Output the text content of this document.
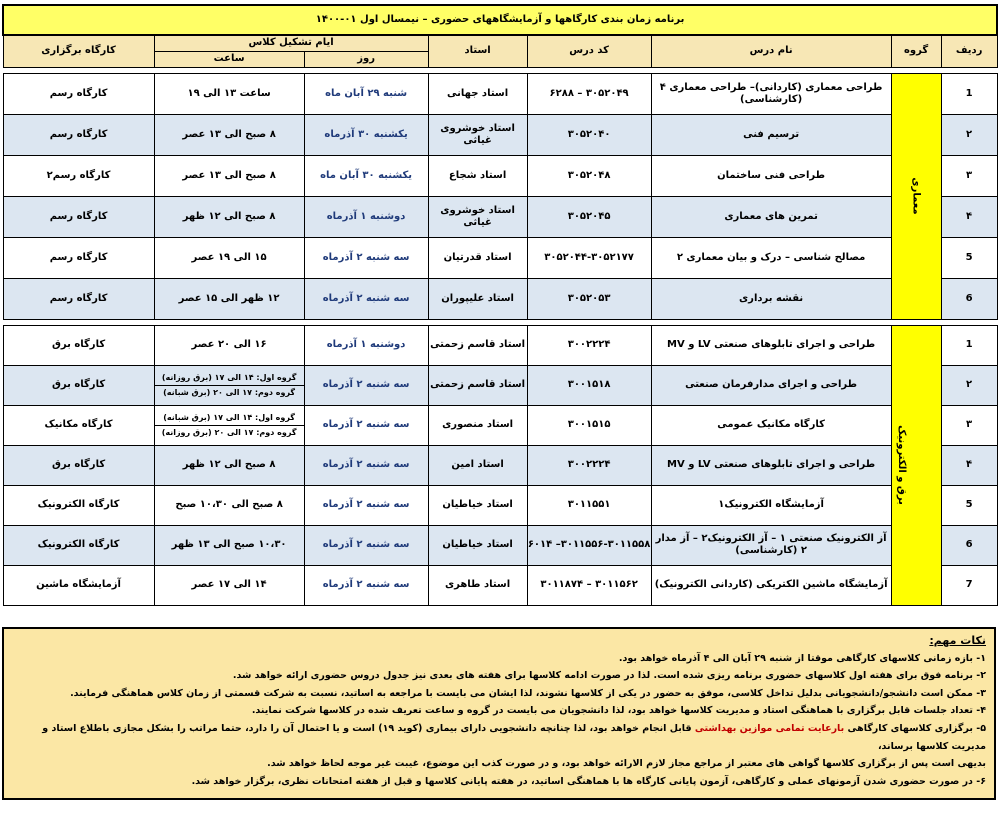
برنامه زمان بندی کارگاهها و آزمایشگاههای حضوری – نیمسال اول ۰۱-۱۴۰۰							
ردیف	گروه	نام درس	کد درس	استاد	ایام تشکیل کلاس		کارگاه برگزاری
					روز	ساعت	

1	معماری	طراحی معماری (کاردانی)– طراحی معماری ۴ (کارشناسی)	۳۰۵۲۰۴۹ – ۶۲۸۸	استاد جهانی	شنبه ۲۹ آبان ماه	ساعت ۱۳ الی ۱۹	کارگاه رسم
۲		ترسیم فنی	۳۰۵۲۰۴۰	استاد خوشروی غیاثی	یکشنبه ۳۰ آذرماه	۸ صبح الی ۱۳ عصر	کارگاه رسم
۳		طراحی فنی ساختمان	۳۰۵۲۰۴۸	استاد شجاع	یکشنبه ۳۰ آبان ماه	۸ صبح الی ۱۳ عصر	کارگاه رسم۲
۴		تمرین های معماری	۳۰۵۲۰۴۵	استاد خوشروی غیاثی	دوشنبه ۱ آذرماه	۸ صبح الی ۱۲ ظهر	کارگاه رسم
5		مصالح شناسی – درک و بیان معماری ۲	۳۰۵۲۰۴۴-۳۰۵۲۱۷۷	استاد قدرتیان	سه شنبه ۲ آذرماه	۱۵ الی ۱۹ عصر	کارگاه رسم
6		نقشه برداری	۳۰۵۲۰۵۳	استاد علیپوران	سه شنبه ۲ آذرماه	۱۲ ظهر الی ۱۵ عصر	کارگاه رسم

1	برق و الکترونیک	طراحی و اجرای تابلوهای صنعتی LV و MV	۳۰۰۲۲۲۴	استاد قاسم زحمتی	دوشنبه ۱ آذرماه	۱۶ الی ۲۰ عصر	کارگاه برق
۲		طراحی و اجرای مدارفرمان صنعتی	۳۰۰۱۵۱۸	استاد قاسم زحمتی	سه شنبه ۲ آذرماه	گروه اول: ۱۴ الی ۱۷ (برق روزانه)
گروه دوم: ۱۷ الی ۲۰ (برق شبانه)	کارگاه برق
۳		کارگاه مکانیک عمومی	۳۰۰۱۵۱۵	استاد منصوری	سه شنبه ۲ آذرماه	گروه اول: ۱۴ الی ۱۷ (برق شبانه)
گروه دوم: ۱۷ الی ۲۰ (برق روزانه)	کارگاه مکانیک
۴		طراحی و اجرای تابلوهای صنعتی LV و MV	۳۰۰۲۲۲۴	استاد امین	سه شنبه ۲ آذرماه	۸ صبح الی ۱۲ ظهر	کارگاه برق
5		آزمایشگاه الکترونیک۱	۳۰۱۱۵۵۱	استاد خیاطیان	سه شنبه ۲ آذرماه	۸ صبح الی ۱۰،۳۰ صبح	کارگاه الکترونیک
6		آز الکترونیک صنعتی ۱ – آز الکترونیک۲ – آز مدار ۲ (کارشناسی)	۳۰۱۱۵۵۶-۳۰۱۱۵۵۸– ۶۰۱۴	استاد خیاطیان	سه شنبه ۲ آذرماه	۱۰،۳۰ صبح الی ۱۳ ظهر	کارگاه الکترونیک
7		آزمایشگاه ماشین الکتریکی (کاردانی الکترونیک)	۳۰۱۱۵۶۲ – ۳۰۱۱۸۷۴	استاد طاهری	سه شنبه ۲ آذرماه	۱۴ الی ۱۷ عصر	آزمایشگاه ماشین
نکات مهم:
۱- بازه زمانی کلاسهای کارگاهی موقتا از شنبه ۲۹ آبان الی ۴ آذرماه خواهد بود.
۲- برنامه فوق برای هفته اول کلاسهای حضوری برنامه ریزی شده است. لذا در صورت ادامه کلاسها برای هفته های بعدی نیز جدول دروس حضوری ارائه خواهد شد.
۳- ممکن است دانشجو/دانشجویانی بدلیل تداخل کلاسی، موفق به حضور در یکی از کلاسها نشوند، لذا ایشان می بایست با مراجعه به اساتید، نسبت به شرکت قسمتی از زمان کلاس هماهنگی فرمایند.
۴- تعداد جلسات قابل برگزاری با هماهنگی استاد و مدیریت کلاسها خواهد بود، لذا دانشجویان می بایست در گروه و ساعت تعریف شده در کلاسها شرکت نمایند.
۵- برگزاری کلاسهای کارگاهی بارعایت تمامی موازین بهداشتی قابل انجام خواهد بود، لذا چنانچه دانشجویی دارای بیماری (کوید ۱۹) است و یا احتمال آن را دارد، حتما مراتب را بشکل مجازی باطلاع استاد و مدیریت کلاسها برساند،
بدیهی است پس از برگزاری کلاسها گواهی های معتبر از مراجع مجاز لازم الارائه خواهد بود، و در صورت کذب این موضوع، غیبت غیر موجه لحاظ خواهد شد.
۶- در صورت حضوری شدن آزمونهای عملی و کارگاهی، آزمون پایانی کارگاه ها با هماهنگی اساتید، در هفته پایانی کلاسها و قبل از هفته امتحانات نظری، برگزار خواهد شد.
